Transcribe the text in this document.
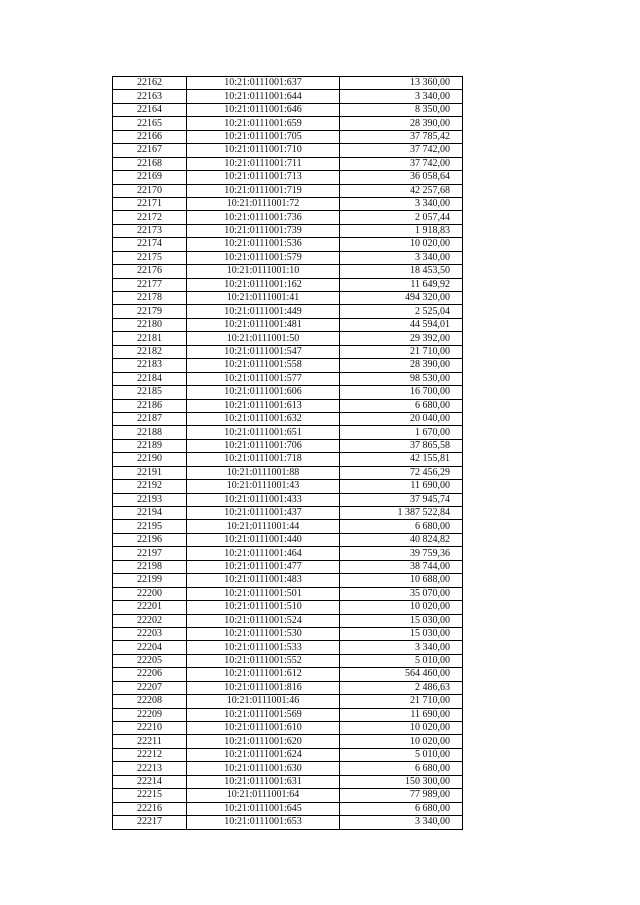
22162	10:21:0111001:637	13 360,00
22163	10:21:0111001:644	3 340,00
22164	10:21:0111001:646	8 350,00
22165	10:21:0111001:659	28 390,00
22166	10:21:0111001:705	37 785,42
22167	10:21:0111001:710	37 742,00
22168	10:21:0111001:711	37 742,00
22169	10:21:0111001:713	36 058,64
22170	10:21:0111001:719	42 257,68
22171	10:21:0111001:72	3 340,00
22172	10:21:0111001:736	2 057,44
22173	10:21:0111001:739	1 918,83
22174	10:21:0111001:536	10 020,00
22175	10:21:0111001:579	3 340,00
22176	10:21:0111001:10	18 453,50
22177	10:21:0111001:162	11 649,92
22178	10:21:0111001:41	494 320,00
22179	10:21:0111001:449	2 525,04
22180	10:21:0111001:481	44 594,01
22181	10:21:0111001:50	29 392,00
22182	10:21:0111001:547	21 710,00
22183	10:21:0111001:558	28 390,00
22184	10:21:0111001:577	98 530,00
22185	10:21:0111001:606	16 700,00
22186	10:21:0111001:613	6 680,00
22187	10:21:0111001:632	20 040,00
22188	10:21:0111001:651	1 670,00
22189	10:21:0111001:706	37 865,58
22190	10:21:0111001:718	42 155,81
22191	10:21:0111001:88	72 456,29
22192	10:21:0111001:43	11 690,00
22193	10:21:0111001:433	37 945,74
22194	10:21:0111001:437	1 387 522,84
22195	10:21:0111001:44	6 680,00
22196	10:21:0111001:440	40 824,82
22197	10:21:0111001:464	39 759,36
22198	10:21:0111001:477	38 744,00
22199	10:21:0111001:483	10 688,00
22200	10:21:0111001:501	35 070,00
22201	10:21:0111001:510	10 020,00
22202	10:21:0111001:524	15 030,00
22203	10:21:0111001:530	15 030,00
22204	10:21:0111001:533	3 340,00
22205	10:21:0111001:552	5 010,00
22206	10:21:0111001:612	564 460,00
22207	10:21:0111001:816	2 486,63
22208	10:21:0111001:46	21 710,00
22209	10:21:0111001:569	11 690,00
22210	10:21:0111001:610	10 020,00
22211	10:21:0111001:620	10 020,00
22212	10:21:0111001:624	5 010,00
22213	10:21:0111001:630	6 680,00
22214	10:21:0111001:631	150 300,00
22215	10:21:0111001:64	77 989,00
22216	10:21:0111001:645	6 680,00
22217	10:21:0111001:653	3 340,00
